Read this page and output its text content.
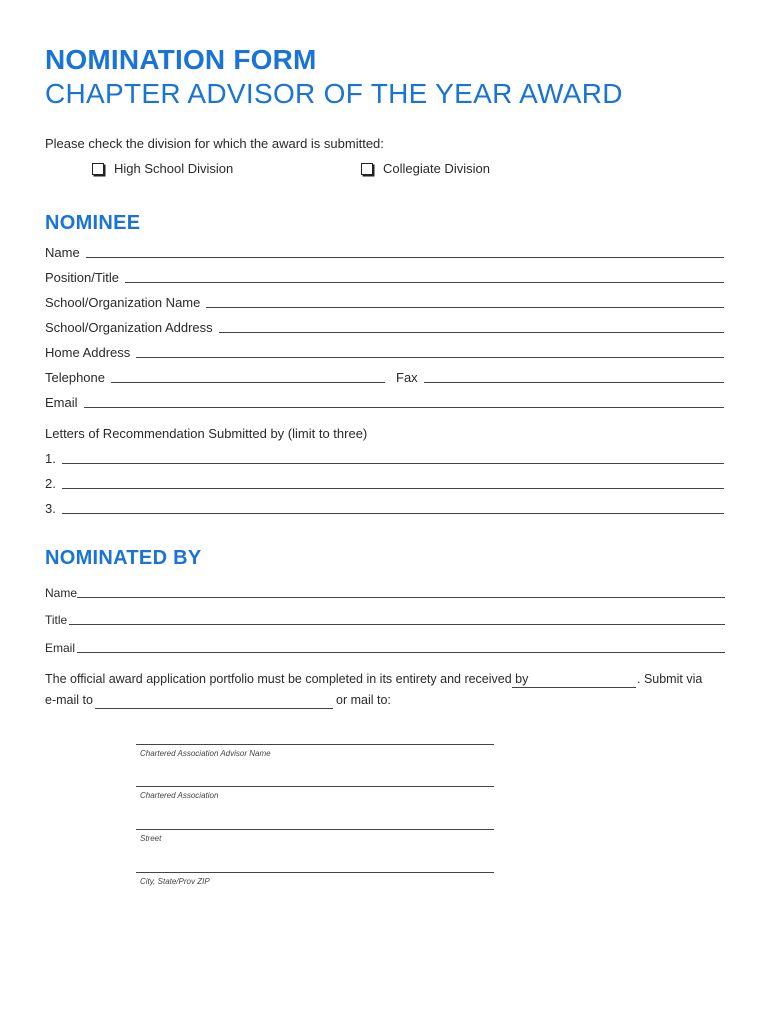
NOMINATION FORM
CHAPTER ADVISOR OF THE YEAR AWARD
Please check the division for which the award is submitted:
High School Division	Collegiate Division
NOMINEE
Name
Position/Title
School/Organization Name
School/Organization Address
Home Address
Telephone	Fax
Email
Letters of Recommendation Submitted by (limit to three)
1.
2.
3.
NOMINATED BY
Name
Title
Email
The official award application portfolio must be completed in its entirety and received by	. Submit via
e-mail to	or mail to:
Chartered Association Advisor Name
Chartered Association
Street
City, State/Prov ZIP
